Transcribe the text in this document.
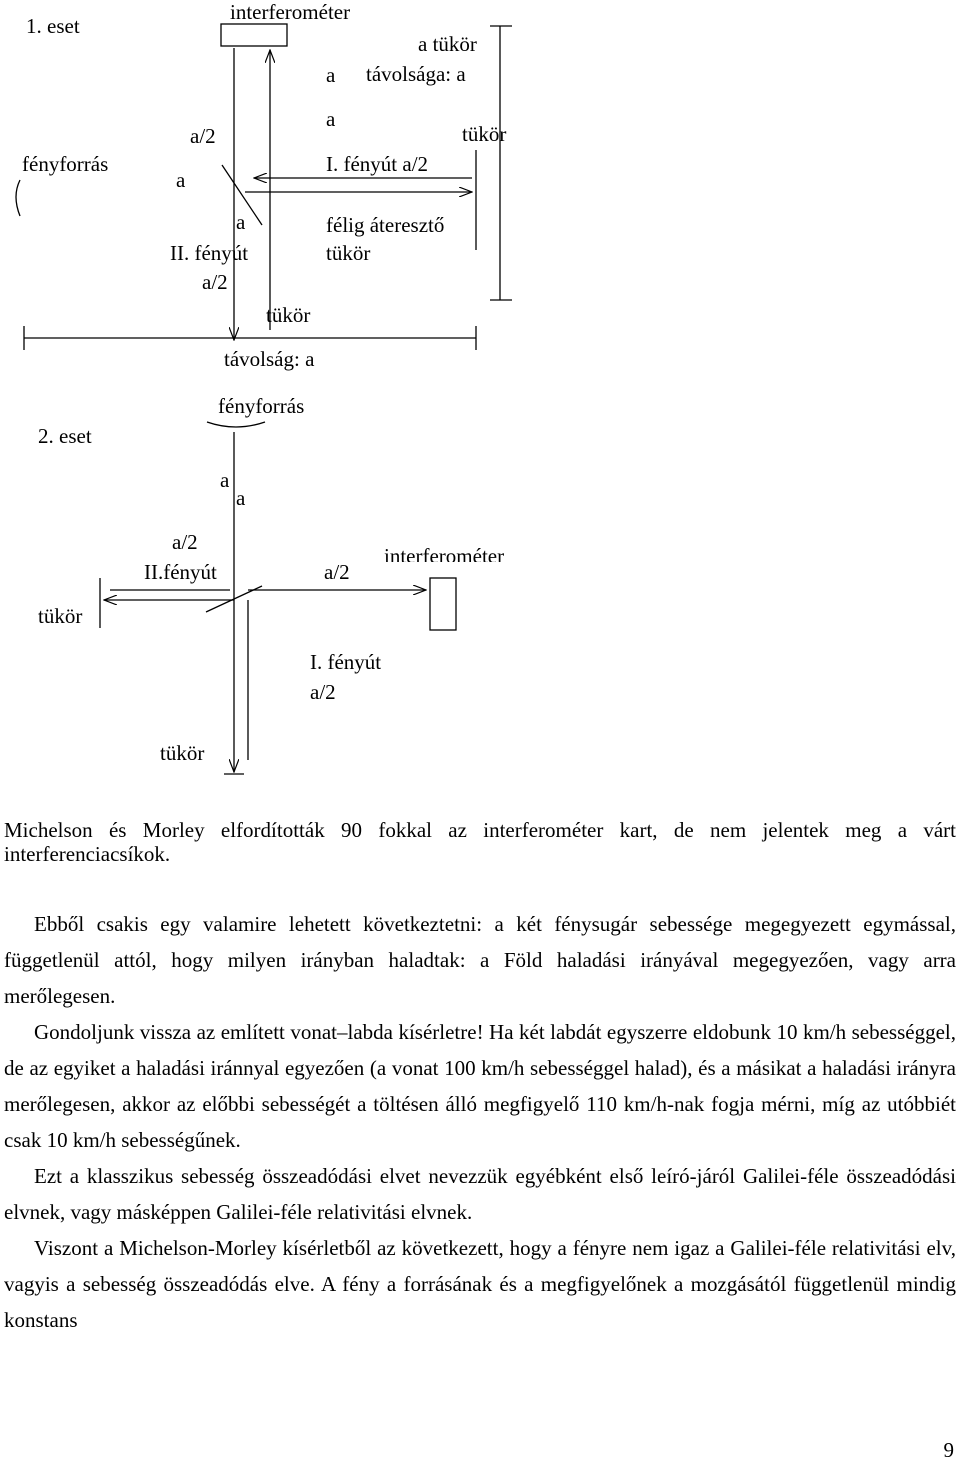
1. eset
interferométer
a tükör
távolsága: a
a
a
a/2	tükör
fényforrás	I. fényút a/2
a
a	félig áteresztő
II. fényút	tükör
a/2
tükör
távolság: a
fényforrás
2. eset
a
a
a/2
interferométer
II.fényút	a/2
tükör
I. fényút
a/2
tükör
Michelson és Morley elfordították 90 fokkal az interferométer kart, de nem jelentek meg a várt interferenciacsíkok.

Ebből csakis egy valamire lehetett következtetni: a két fénysugár sebessége megegyezett egymással, függetlenül attól, hogy milyen irányban haladtak: a Föld haladási irányával megegyezően, vagy arra merőlegesen.

Gondoljunk vissza az említett vonat–labda kísérletre! Ha két labdát egyszerre eldobunk 10 km/h sebességgel, de az egyiket a haladási iránnyal egyezően (a vonat 100 km/h sebességgel halad), és a másikat a haladási irányra merőlegesen, akkor az előbbi sebességét a töltésen álló megfigyelő 110 km/h-nak fogja mérni, míg az utóbbiét csak 10 km/h sebességűnek.

Ezt a klasszikus sebesség összeadódási elvet nevezzük egyébként első leíró-járól Galilei-féle összeadódási elvnek, vagy másképpen Galilei-féle relativitási elvnek.

Viszont a Michelson-Morley kísérletből az következett, hogy a fényre nem igaz a Galilei-féle relativitási elv, vagyis a sebesség összeadódás elve. A fény a forrásának és a megfigyelőnek a mozgásától függetlenül mindig konstans

9
